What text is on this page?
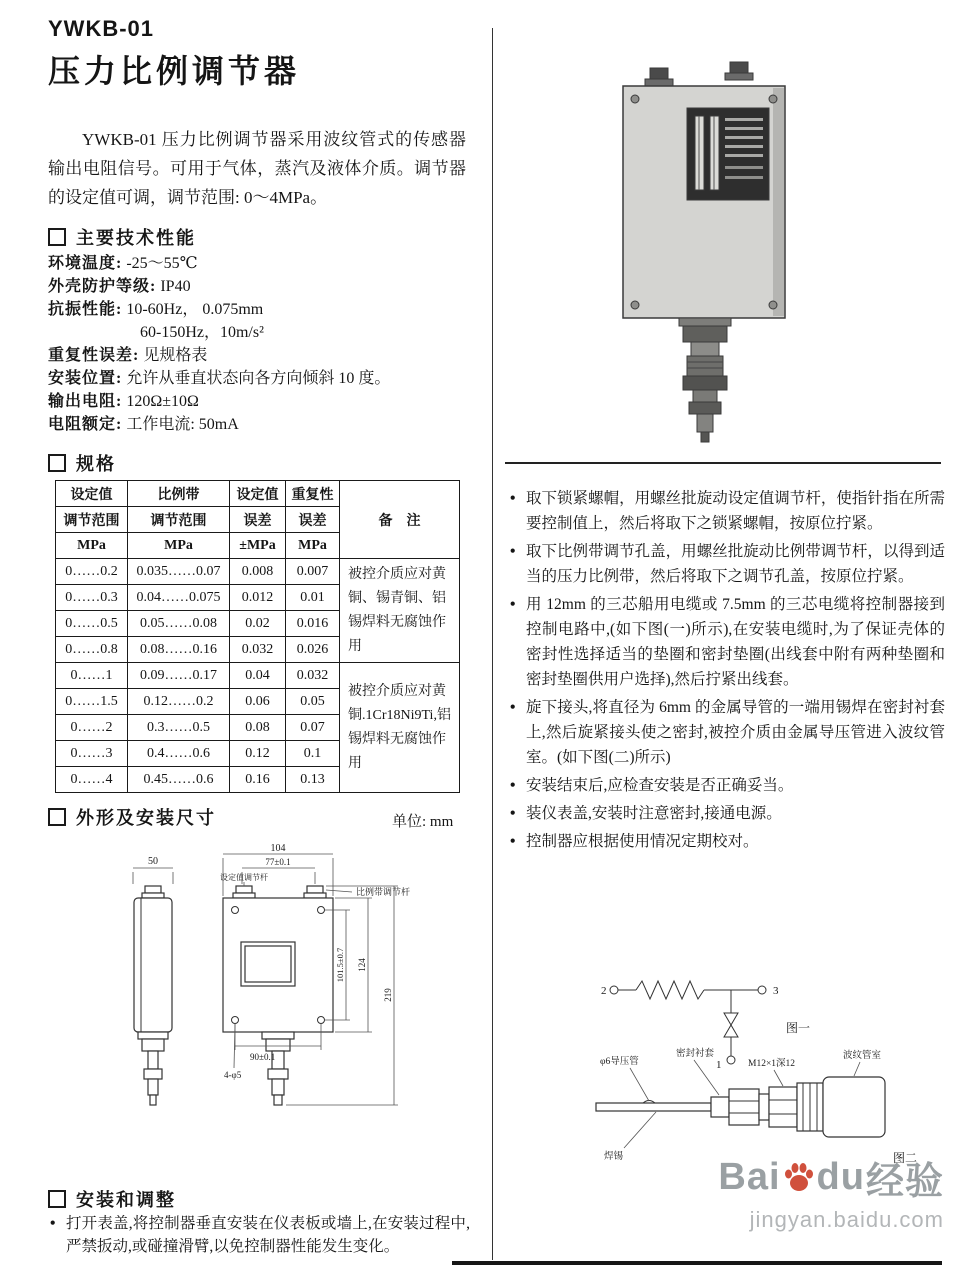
YWKB-01
压力比例调节器

YWKB-01 压力比例调节器采用波纹管式的传感器输出电阻信号。可用于气体，蒸汽及液体介质。调节器的设定值可调，调节范围: 0～4MPa。

主要技术性能
环境温度: -25～55℃
外壳防护等级: IP40
抗振性能: 10-60Hz， 0.075mm
60-150Hz，10m/s²
重复性误差: 见规格表
安装位置: 允许从垂直状态向各方向倾斜 10 度。
输出电阻: 120Ω±10Ω
电阻额定: 工作电流: 50mA
规格
设定值	比例带	设定值	重复性	备　注
调节范围	调节范围	误差	误差	
MPa	MPa	±MPa	MPa	
0……0.2	0.035……0.07	0.008	0.007	被控介质应对黄铜、锡青铜、铝锡焊料无腐蚀作用
0……0.3	0.04……0.075	0.012	0.01	
0……0.5	0.05……0.08	0.02	0.016	
0……0.8	0.08……0.16	0.032	0.026	
0……1	0.09……0.17	0.04	0.032	被控介质应对黄铜.1Cr18Ni9Ti,铝锡焊料无腐蚀作用
0……1.5	0.12……0.2	0.06	0.05	
0……2	0.3……0.5	0.08	0.07	
0……3	0.4……0.6	0.12	0.1	
0……4	0.45……0.6	0.16	0.13	
外形及安装尺寸	单位: mm
50
104
77±0.1
设定值调节杆
比例带调节杆
90±0.1
4-φ5
101.5±0.7 124
219
安装和调整
• 打开表盖,将控制器垂直安装在仪表板或墙上,在安装过程中,严禁扳动,或碰撞滑臂,以免控制器性能发生变化。
• 取下锁紧螺帽，用螺丝批旋动设定值调节杆，使指针指在所需要控制值上，然后将取下之锁紧螺帽，按原位拧紧。
• 取下比例带调节孔盖，用螺丝批旋动比例带调节杆，以得到适当的压力比例带，然后将取下之调节孔盖，按原位拧紧。
• 用 12mm 的三芯船用电缆或 7.5mm 的三芯电缆将控制器接到控制电路中,(如下图(一)所示),在安装电缆时,为了保证壳体的密封性选择适当的垫圈和密封垫圈(出线套中附有两种垫圈和密封垫圈供用户选择),然后拧紧出线套。
• 旋下接头,将直径为 6mm 的金属导管的一端用锡焊在密封衬套上,然后旋紧接头使之密封,被控介质由金属导压管进入波纹管室。(如下图(二)所示)
• 安装结束后,应检查安装是否正确妥当。
• 装仪表盖,安装时注意密封,接通电源。
• 控制器应根据使用情况定期校对。
2	3
1
图一
φ6导压管
密封衬套
M12×1深12
波纹管室
焊锡	图二
Bai du 经验
jingyan.baidu.com
